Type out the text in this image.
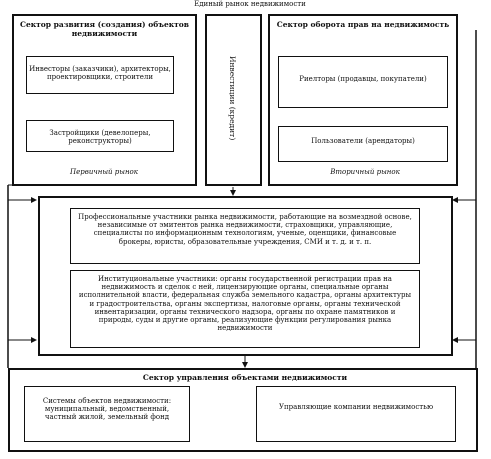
Единый рынок недвижимости
Сектор развития (создания) объектов недвижимости
Инвесторы (заказчики), архитекторы, проектировщики, строители
Застройщики (девелоперы, реконструкторы)
Первичный рынок
Инвестиции (кредит)
Сектор оборота прав на недвижимость
Риелторы (продавцы, покупатели)
Пользователи (арендаторы)
Вторичный рынок
Профессиональные участники рынка недвижимости, работающие на возмездной основе, независимые от эмитентов рынка недвижимости, страховщики, управляющие, специалисты по информационным технологиям, ученые, оценщики, финансовые брокеры, юристы, образовательные учреждения, СМИ и т. д. и т. п.
Институциональные участники: органы государственной регистрации прав на недвижимость и сделок с ней, лицензирующие органы, специальные органы исполнительной власти, федеральная служба земельного кадастра, органы архитектуры и градостроительства, органы экспертизы, налоговые органы, органы технической инвентаризации, органы технического надзора, органы по охране памятников и природы, суды и другие органы, реализующие функции регулирования рынка недвижимости
Сектор управления объектами недвижимости
Системы объектов недвижимости: муниципальный, ведомственный, частный жилой, земельный фонд
Управляющие компании недвижимостью
